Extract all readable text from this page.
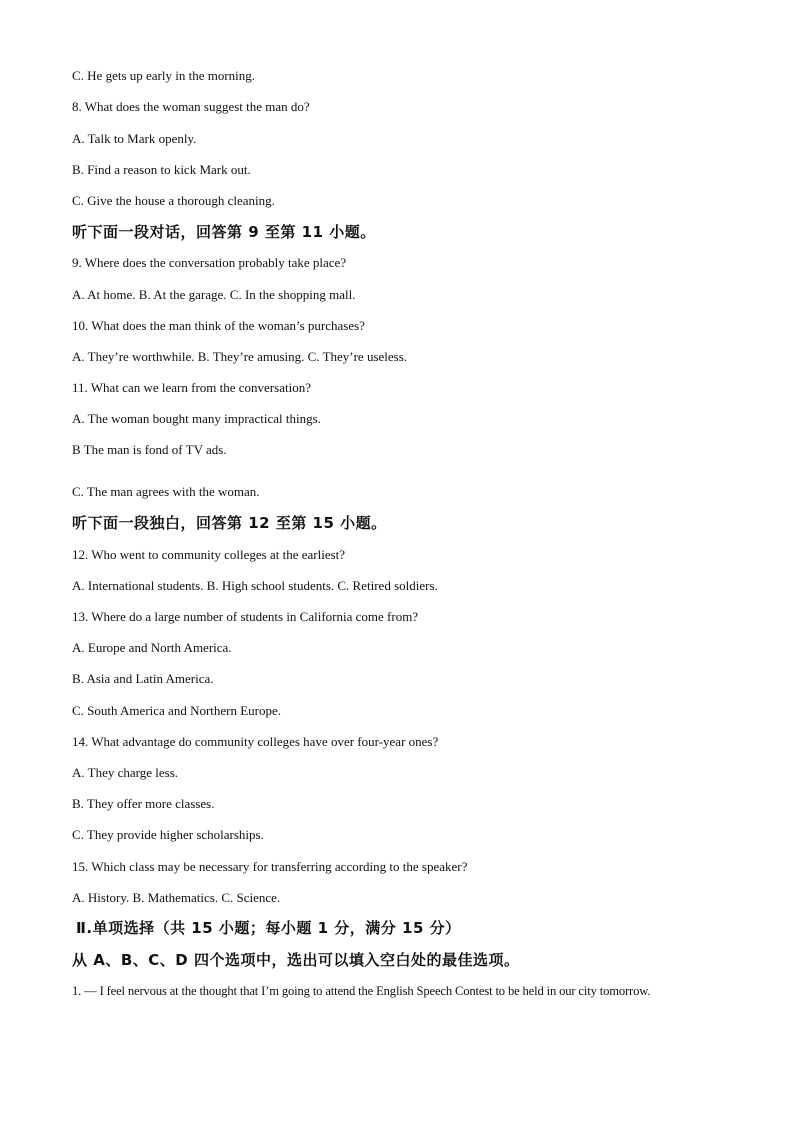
C. He gets up early in the morning.
8. What does the woman suggest the man do?
A. Talk to Mark openly.
B. Find a reason to kick Mark out.
C. Give the house a thorough cleaning.
听下面一段对话，回答第 9 至第 11 小题。
9. Where does the conversation probably take place?
A. At home. B. At the garage. C. In the shopping mall.
10. What does the man think of the woman’s purchases?
A. They’re worthwhile. B. They’re amusing. C. They’re useless.
11. What can we learn from the conversation?
A. The woman bought many impractical things.
B The man is fond of TV ads.
C. The man agrees with the woman.
听下面一段独白，回答第 12 至第 15 小题。
12. Who went to community colleges at the earliest?
A. International students. B. High school students. C. Retired soldiers.
13. Where do a large number of students in California come from?
A. Europe and North America.
B. Asia and Latin America.
C. South America and Northern Europe.
14. What advantage do community colleges have over four-year ones?
A. They charge less.
B. They offer more classes.
C. They provide higher scholarships.
15. Which class may be necessary for transferring according to the speaker?
A. History. B. Mathematics. C. Science.
Ⅱ.单项选择（共 15 小题；每小题 1 分，满分 15 分）
从 A、B、C、D 四个选项中，选出可以填入空白处的最佳选项。
1. — I feel nervous at the thought that I’m going to attend the English Speech Contest to be held in our city tomorrow.
